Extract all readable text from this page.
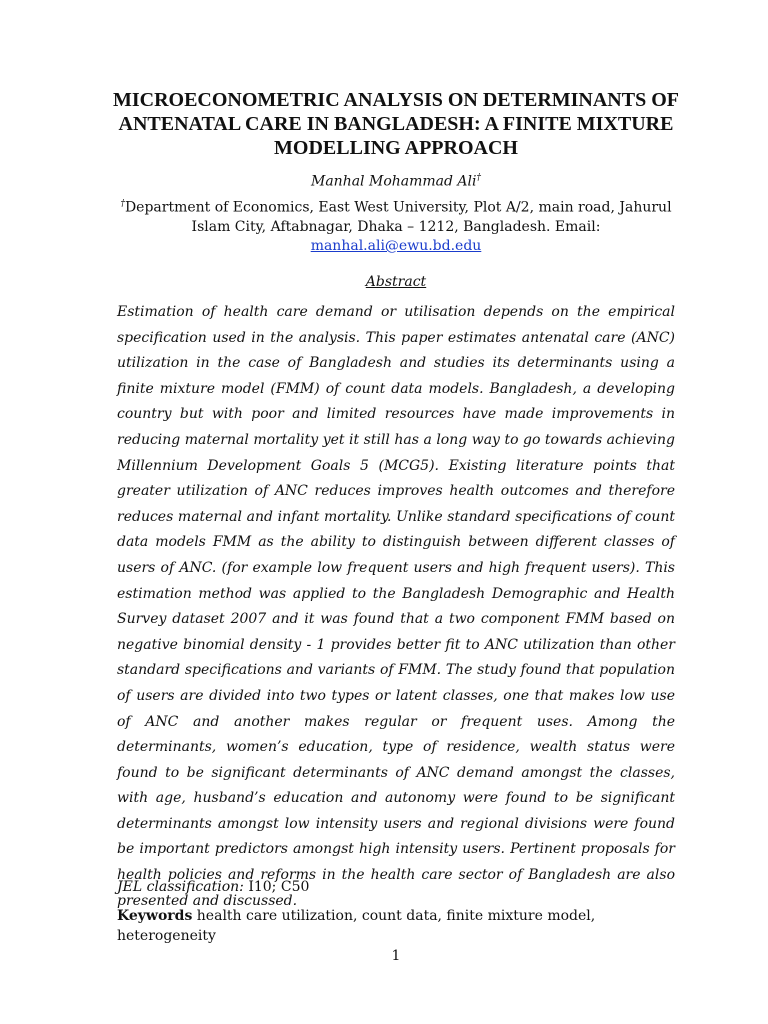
MICROECONOMETRIC ANALYSIS ON DETERMINANTS OF ANTENATAL CARE IN BANGLADESH: A FINITE MIXTURE MODELLING APPROACH
Manhal Mohammad Ali†
†Department of Economics, East West University, Plot A/2, main road, Jahurul Islam City, Aftabnagar, Dhaka – 1212, Bangladesh. Email: manhal.ali@ewu.bd.edu
Abstract

Estimation of health care demand or utilisation depends on the empirical specification used in the analysis. This paper estimates antenatal care (ANC) utilization in the case of Bangladesh and studies its determinants using a finite mixture model (FMM) of count data models. Bangladesh, a developing country but with poor and limited resources have made improvements in reducing maternal mortality yet it still has a long way to go towards achieving Millennium Development Goals 5 (MCG5). Existing literature points that greater utilization of ANC reduces improves health outcomes and therefore reduces maternal and infant mortality. Unlike standard specifications of count data models FMM as the ability to distinguish between different classes of users of ANC. (for example low frequent users and high frequent users). This estimation method was applied to the Bangladesh Demographic and Health Survey dataset 2007 and it was found that a two component FMM based on negative binomial density - 1 provides better fit to ANC utilization than other standard specifications and variants of FMM. The study found that population of users are divided into two types or latent classes, one that makes low use of ANC and another makes regular or frequent uses. Among the determinants, women’s education, type of residence, wealth status were found to be significant determinants of ANC demand amongst the classes, with age, husband’s education and autonomy were found to be significant determinants amongst low intensity users and regional divisions were found be important predictors amongst high intensity users. Pertinent proposals for health policies and reforms in the health care sector of Bangladesh are also presented and discussed.

JEL classification: I10; C50
Keywords health care utilization, count data, finite mixture model, heterogeneity
1
